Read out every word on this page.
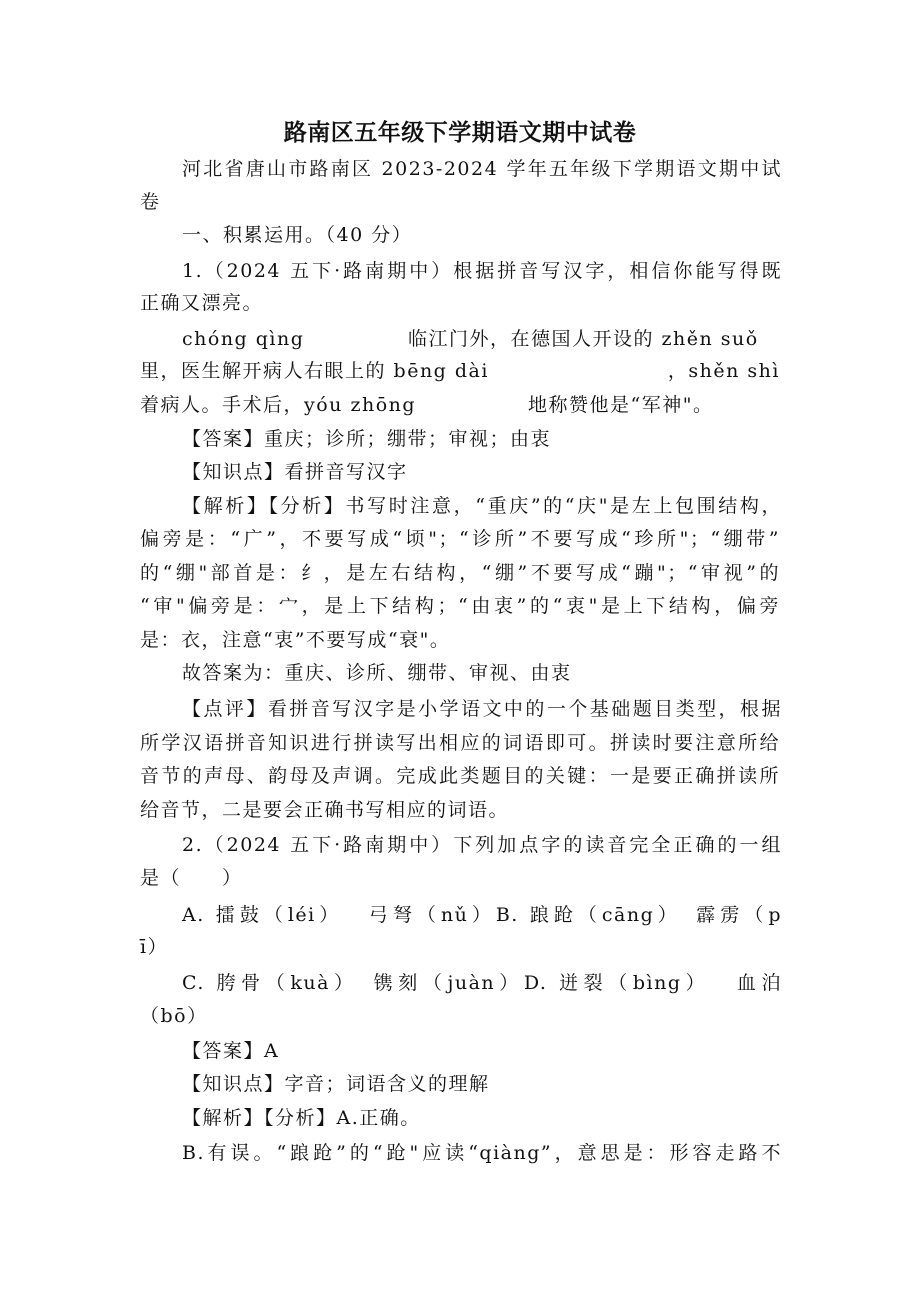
路南区五年级下学期语文期中试卷
河北省唐山市路南区 2023-2024 学年五年级下学期语文期中试
卷
一、积累运用。（40 分）
1.（2024 五下·路南期中）根据拼音写汉字，相信你能写得既
正确又漂亮。
chóng qìng	临江门外，在德国人开设的 zhěn suǒ
里，医生解开病人右眼上的 bēng dài	，shěn shì
着病人。手术后，yóu zhōng	地称赞他是“军神"。
【答案】重庆；诊所；绷带；审视；由衷
【知识点】看拼音写汉字
【解析】【分析】书写时注意，“重庆”的“庆"是左上包围结构，
偏旁是：“广”，不要写成“顷"；“诊所”不要写成“珍所"；“绷带”
的“绷"部首是：纟，是左右结构，“绷”不要写成“蹦"；“审视”的
“审"偏旁是：宀，是上下结构；“由衷”的“衷"是上下结构，偏旁
是：衣，注意“衷”不要写成“衰"。
故答案为：重庆、诊所、绷带、审视、由衷
【点评】看拼音写汉字是小学语文中的一个基础题目类型，根据
所学汉语拼音知识进行拼读写出相应的词语即可。拼读时要注意所给
音节的声母、韵母及声调。完成此类题目的关键：一是要正确拼读所
给音节，二是要会正确书写相应的词语。
2.（2024 五下·路南期中）下列加点字的读音完全正确的一组
是（　　）
A. 擂鼓（léi）　 弓弩（nǔ）B. 踉跄（cāng）　霹雳（p
ī）
C. 胯骨（kuà）　镌刻（juàn）D. 迸裂（bìng）　 血泊
（bō）
【答案】A
【知识点】字音；词语含义的理解
【解析】【分析】A.正确。
B.有误。“踉跄”的“跄"应读“qiàng”，意思是：形容走路不
